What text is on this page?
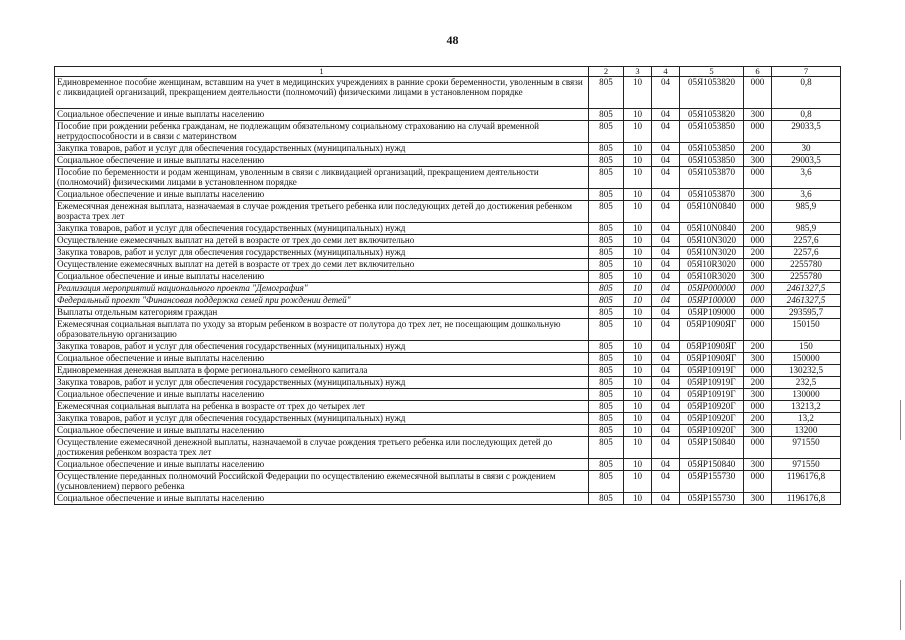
48
1	2	3	4	5	6	7
Единовременное пособие женщинам, вставшим на учет в медицинских учреждениях в ранние сроки беременности, уволенным в связи с ликвидацией организаций, прекращением деятельности (полномочий) физическими лицами в установленном порядке	805	10	04	05Я1053820	000	0,8
Социальное обеспечение и иные выплаты населению	805	10	04	05Я1053820	300	0,8
Пособие при рождении ребенка гражданам, не подлежащим обязательному социальному страхованию на случай временной нетрудоспособности и в связи с материнством	805	10	04	05Я1053850	000	29033,5
Закупка товаров, работ и услуг для обеспечения государственных (муниципальных) нужд	805	10	04	05Я1053850	200	30
Социальное обеспечение и иные выплаты населению	805	10	04	05Я1053850	300	29003,5
Пособие по беременности и родам женщинам, уволенным в связи с ликвидацией организаций, прекращением деятельности (полномочий) физическими лицами в установленном порядке	805	10	04	05Я1053870	000	3,6
Социальное обеспечение и иные выплаты населению	805	10	04	05Я1053870	300	3,6
Ежемесячная денежная выплата, назначаемая в случае рождения третьего ребенка или последующих детей до достижения ребенком возраста трех лет	805	10	04	05Я10N0840	000	985,9
Закупка товаров, работ и услуг для обеспечения государственных (муниципальных) нужд	805	10	04	05Я10N0840	200	985,9
Осуществление ежемесячных выплат на детей в возрасте от трех до семи лет включительно	805	10	04	05Я10N3020	000	2257,6
Закупка товаров, работ и услуг для обеспечения государственных (муниципальных) нужд	805	10	04	05Я10N3020	200	2257,6
Осуществление ежемесячных выплат на детей в возрасте от трех до семи лет включительно	805	10	04	05Я10R3020	000	2255780
Социальное обеспечение и иные выплаты населению	805	10	04	05Я10R3020	300	2255780
Реализация мероприятий национального проекта "Демография"	805	10	04	05ЯР000000	000	2461327,5
Федеральный проект "Финансовая поддержка семей при рождении детей"	805	10	04	05ЯР100000	000	2461327,5
Выплаты отдельным категориям граждан	805	10	04	05ЯР109000	000	293595,7
Ежемесячная социальная выплата по уходу за вторым ребенком в возрасте от полутора до трех лет, не посещающим дошкольную образовательную организацию	805	10	04	05ЯР1090ЯГ	000	150150
Закупка товаров, работ и услуг для обеспечения государственных (муниципальных) нужд	805	10	04	05ЯР1090ЯГ	200	150
Социальное обеспечение и иные выплаты населению	805	10	04	05ЯР1090ЯГ	300	150000
Единовременная денежная выплата в форме регионального семейного капитала	805	10	04	05ЯР10919Г	000	130232,5
Закупка товаров, работ и услуг для обеспечения государственных (муниципальных) нужд	805	10	04	05ЯР10919Г	200	232,5
Социальное обеспечение и иные выплаты населению	805	10	04	05ЯР10919Г	300	130000
Ежемесячная социальная выплата на ребенка в возрасте от трех до четырех лет	805	10	04	05ЯР10920Г	000	13213,2
Закупка товаров, работ и услуг для обеспечения государственных (муниципальных) нужд	805	10	04	05ЯР10920Г	200	13,2
Социальное обеспечение и иные выплаты населению	805	10	04	05ЯР10920Г	300	13200
Осуществление ежемесячной денежной выплаты, назначаемой в случае рождения третьего ребенка или последующих детей до достижения ребенком возраста трех лет	805	10	04	05ЯР150840	000	971550
Социальное обеспечение и иные выплаты населению	805	10	04	05ЯР150840	300	971550
Осуществление переданных полномочий Российской Федерации по осуществлению ежемесячной выплаты в связи с рождением (усыновлением) первого ребенка	805	10	04	05ЯР155730	000	1196176,8
Социальное обеспечение и иные выплаты населению	805	10	04	05ЯР155730	300	1196176,8
